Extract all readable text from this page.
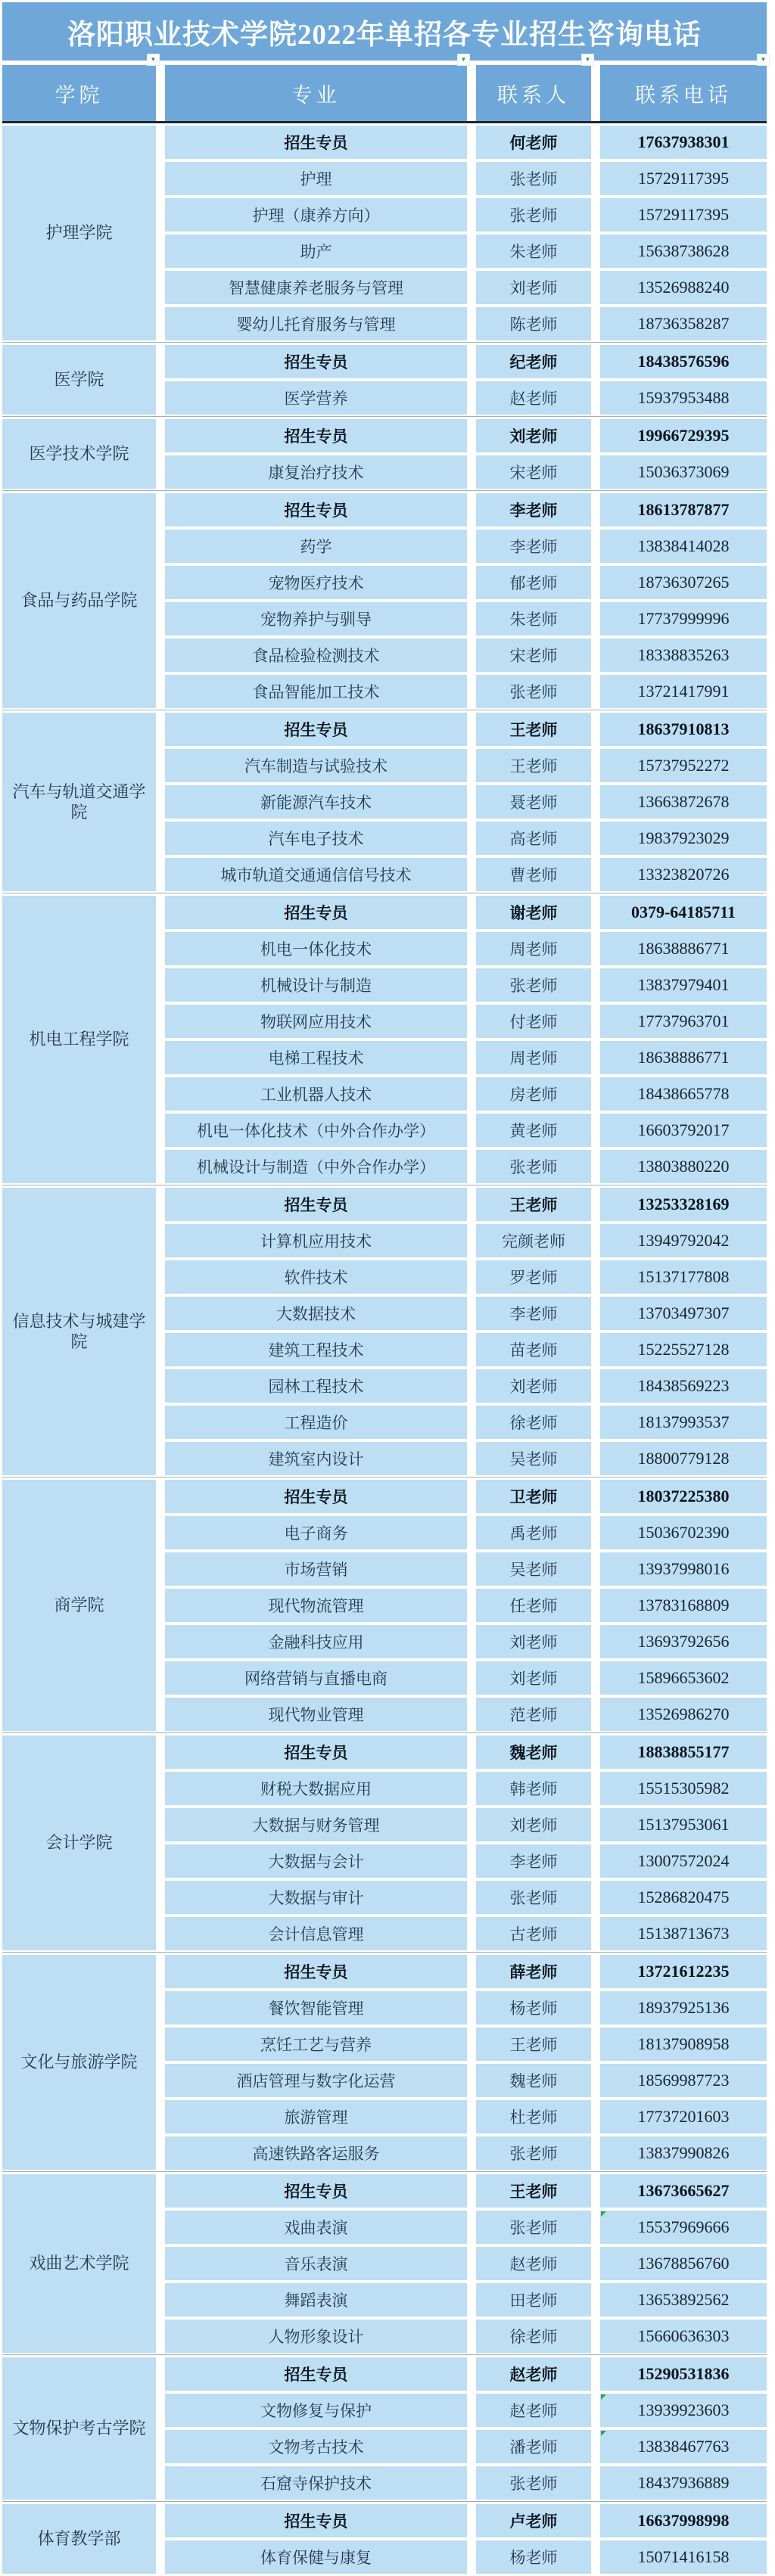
洛阳职业技术学院2022年单招各专业招生咨询电话
▼	▼	▼	▼
学院	专业	联系人	联系电话
护理学院
招生专员	何老师	17637938301
护理	张老师	15729117395
护理（康养方向）	张老师	15729117395
助产	朱老师	15638738628
智慧健康养老服务与管理	刘老师	13526988240
婴幼儿托育服务与管理	陈老师	18736358287
医学院
招生专员	纪老师	18438576596
医学营养	赵老师	15937953488
医学技术学院
招生专员	刘老师	19966729395
康复治疗技术	宋老师	15036373069
食品与药品学院
招生专员	李老师	18613787877
药学	李老师	13838414028
宠物医疗技术	郁老师	18736307265
宠物养护与驯导	朱老师	17737999996
食品检验检测技术	宋老师	18338835263
食品智能加工技术	张老师	13721417991
汽车与轨道交通学院
招生专员	王老师	18637910813
汽车制造与试验技术	王老师	15737952272
新能源汽车技术	聂老师	13663872678
汽车电子技术	高老师	19837923029
城市轨道交通通信信号技术	曹老师	13323820726
机电工程学院
招生专员	谢老师	0379-64185711
机电一体化技术	周老师	18638886771
机械设计与制造	张老师	13837979401
物联网应用技术	付老师	17737963701
电梯工程技术	周老师	18638886771
工业机器人技术	房老师	18438665778
机电一体化技术（中外合作办学）	黄老师	16603792017
机械设计与制造（中外合作办学）	张老师	13803880220
信息技术与城建学院
招生专员	王老师	13253328169
计算机应用技术	完颜老师	13949792042
软件技术	罗老师	15137177808
大数据技术	李老师	13703497307
建筑工程技术	苗老师	15225527128
园林工程技术	刘老师	18438569223
工程造价	徐老师	18137993537
建筑室内设计	吴老师	18800779128
商学院
招生专员	卫老师	18037225380
电子商务	禹老师	15036702390
市场营销	吴老师	13937998016
现代物流管理	任老师	13783168809
金融科技应用	刘老师	13693792656
网络营销与直播电商	刘老师	15896653602
现代物业管理	范老师	13526986270
会计学院
招生专员	魏老师	18838855177
财税大数据应用	韩老师	15515305982
大数据与财务管理	刘老师	15137953061
大数据与会计	李老师	13007572024
大数据与审计	张老师	15286820475
会计信息管理	古老师	15138713673
文化与旅游学院
招生专员	薛老师	13721612235
餐饮智能管理	杨老师	18937925136
烹饪工艺与营养	王老师	18137908958
酒店管理与数字化运营	魏老师	18569987723
旅游管理	杜老师	17737201603
高速铁路客运服务	张老师	13837990826
戏曲艺术学院
招生专员	王老师	13673665627
戏曲表演	张老师	15537969666
音乐表演	赵老师	13678856760
舞蹈表演	田老师	13653892562
人物形象设计	徐老师	15660636303
文物保护考古学院
招生专员	赵老师	15290531836
文物修复与保护	赵老师	13939923603
文物考古技术	潘老师	13838467763
石窟寺保护技术	张老师	18437936889
体育教学部
招生专员	卢老师	16637998998
体育保健与康复	杨老师	15071416158
